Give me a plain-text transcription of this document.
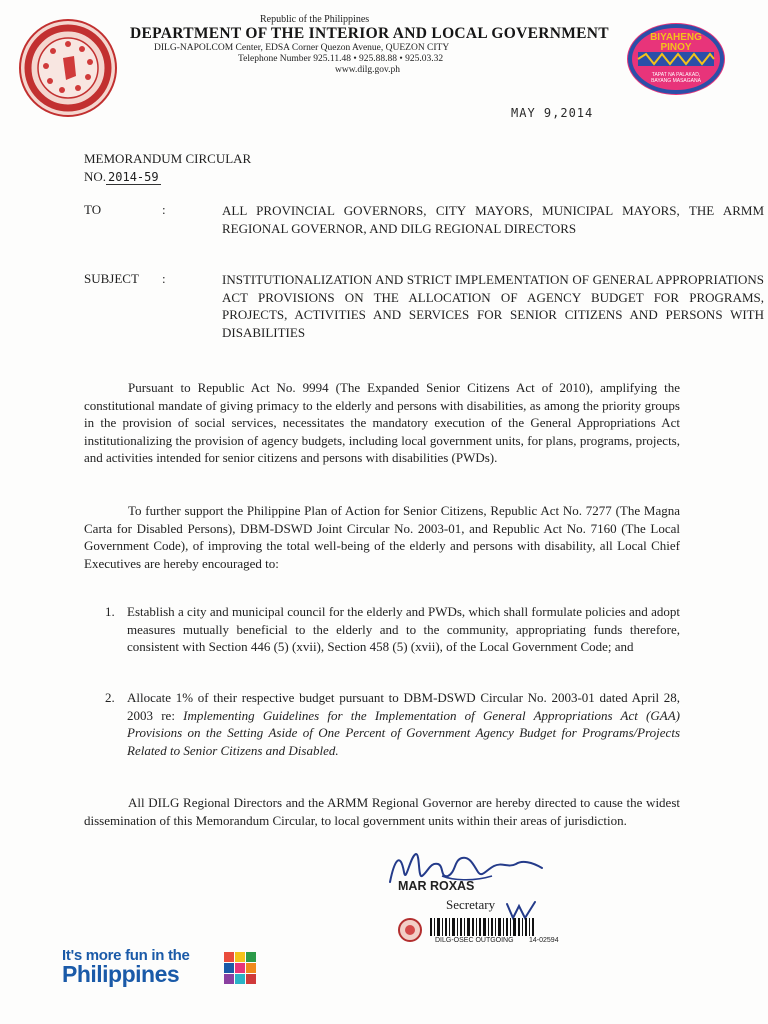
Republic of the Philippines
DEPARTMENT OF THE INTERIOR AND LOCAL GOVERNMENT
DILG-NAPOLCOM Center, EDSA Corner Quezon Avenue, QUEZON CITY
Telephone Number 925.11.48 • 925.88.88 • 925.03.32
www.dilg.gov.ph
BIYAHENG
PINOY
TAPAT NA PALAKAD,
BAYANG MASAGANA
MAY 9,2014
MEMORANDUM CIRCULAR
NO. 2014-59
TO	:	ALL PROVINCIAL GOVERNORS, CITY MAYORS, MUNICIPAL MAYORS, THE ARMM REGIONAL GOVERNOR, AND DILG REGIONAL DIRECTORS
SUBJECT :	INSTITUTIONALIZATION AND STRICT IMPLEMENTATION OF GENERAL APPROPRIATIONS ACT PROVISIONS ON THE ALLOCATION OF AGENCY BUDGET FOR PROGRAMS, PROJECTS, ACTIVITIES AND SERVICES FOR SENIOR CITIZENS AND PERSONS WITH DISABILITIES

Pursuant to Republic Act No. 9994 (The Expanded Senior Citizens Act of 2010), amplifying the constitutional mandate of giving primacy to the elderly and persons with disabilities, as among the priority groups in the provision of social services, necessitates the mandatory execution of the General Appropriations Act institutionalizing the provision of agency budgets, including local government units, for plans, programs, projects, and activities intended for senior citizens and persons with disabilities (PWDs).

To further support the Philippine Plan of Action for Senior Citizens, Republic Act No. 7277 (The Magna Carta for Disabled Persons), DBM-DSWD Joint Circular No. 2003-01, and Republic Act No. 7160 (The Local Government Code), of improving the total well-being of the elderly and persons with disability, all Local Chief Executives are hereby encouraged to:

1. Establish a city and municipal council for the elderly and PWDs, which shall formulate policies and adopt measures mutually beneficial to the elderly and to the community, appropriating funds therefore, consistent with Section 446 (5) (xvii), Section 458 (5) (xvii), of the Local Government Code; and
2. Allocate 1% of their respective budget pursuant to DBM-DSWD Circular No. 2003-01 dated April 28, 2003 re: Implementing Guidelines for the Implementation of General Appropriations Act (GAA) Provisions on the Setting Aside of One Percent of Government Agency Budget for Programs/Projects Related to Senior Citizens and Disabled.

All DILG Regional Directors and the ARMM Regional Governor are hereby directed to cause the widest dissemination of this Memorandum Circular, to local government units within their areas of jurisdiction.

MAR ROXAS
Secretary
DILG-OSEC OUTGOING 14-02594
It's more fun in the
Philippines
